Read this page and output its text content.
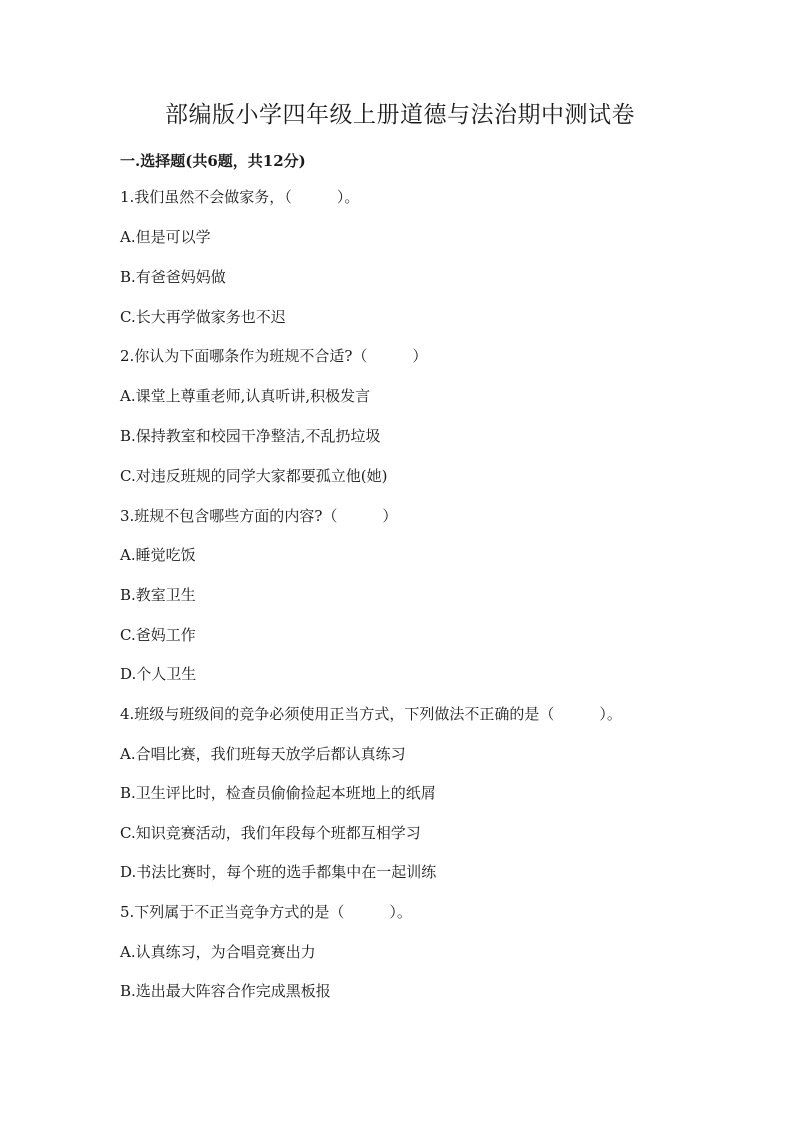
部编版小学四年级上册道德与法治期中测试卷
一.选择题(共6题，共12分)
1.我们虽然不会做家务，（　　　）。
A.但是可以学
B.有爸爸妈妈做
C.长大再学做家务也不迟
2.你认为下面哪条作为班规不合适?（　　　）
A.课堂上尊重老师,认真听讲,积极发言
B.保持教室和校园干净整洁,不乱扔垃圾
C.对违反班规的同学大家都要孤立他(她)
3.班规不包含哪些方面的内容?（　　　）
A.睡觉吃饭
B.教室卫生
C.爸妈工作
D.个人卫生
4.班级与班级间的竞争必须使用正当方式，下列做法不正确的是（　　　）。
A.合唱比赛，我们班每天放学后都认真练习
B.卫生评比时，检查员偷偷捡起本班地上的纸屑
C.知识竞赛活动，我们年段每个班都互相学习
D.书法比赛时，每个班的选手都集中在一起训练
5.下列属于不正当竞争方式的是（　　　）。
A.认真练习，为合唱竞赛出力
B.选出最大阵容合作完成黑板报
